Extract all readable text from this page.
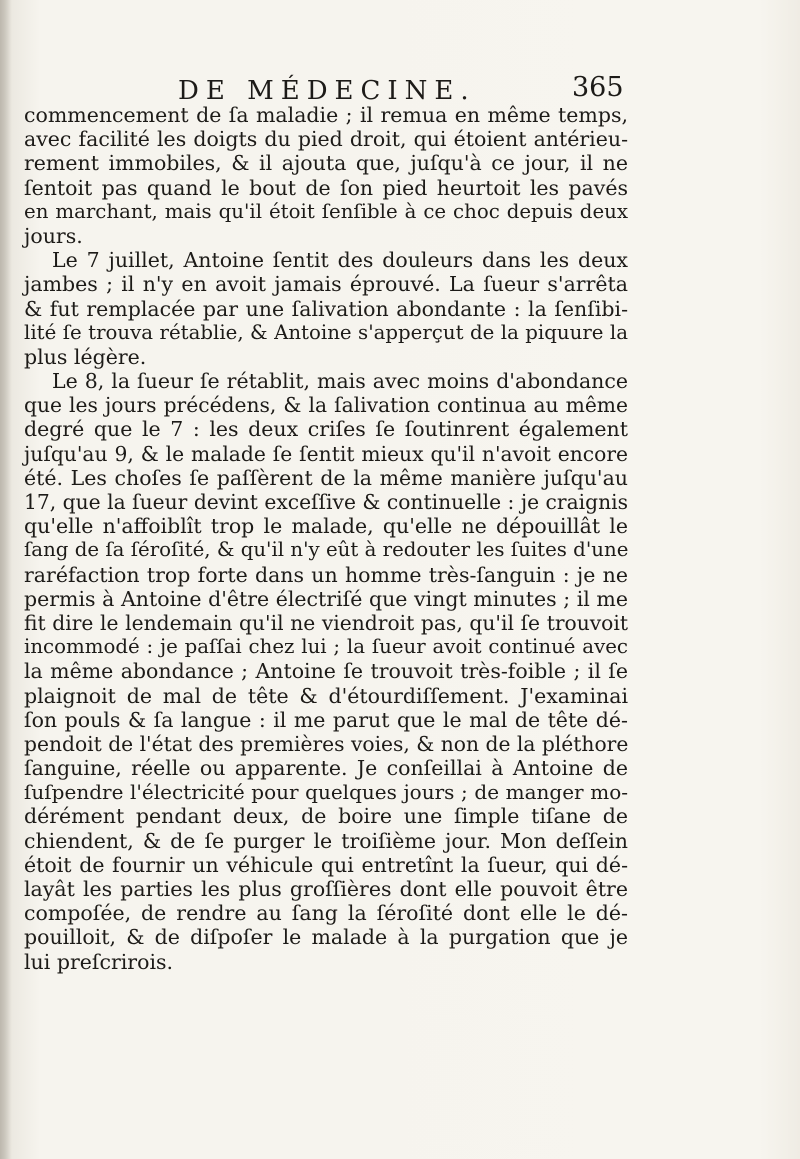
DE MÉDECINE.	365
commencement de ſa maladie ; il remua en même temps,
avec facilité les doigts du pied droit, qui étoient antérieu-
rement immobiles, & il ajouta que, juſqu'à ce jour, il ne
ſentoit pas quand le bout de ſon pied heurtoit les pavés
en marchant, mais qu'il étoit ſenſible à ce choc depuis deux
jours.
Le 7 juillet, Antoine ſentit des douleurs dans les deux
jambes ; il n'y en avoit jamais éprouvé. La ſueur s'arrêta
& fut remplacée par une ſalivation abondante : la ſenſibi-
lité ſe trouva rétablie, & Antoine s'apperçut de la piquure la
plus légère.
Le 8, la ſueur ſe rétablit, mais avec moins d'abondance
que les jours précédens, & la ſalivation continua au même
degré que le 7 : les deux criſes ſe ſoutinrent également
juſqu'au 9, & le malade ſe ſentit mieux qu'il n'avoit encore
été. Les choſes ſe paſſèrent de la même manière juſqu'au
17, que la ſueur devint exceſſive & continuelle : je craignis
qu'elle n'affoiblît trop le malade, qu'elle ne dépouillât le
ſang de ſa ſéroſité, & qu'il n'y eût à redouter les ſuites d'une
raréfaction trop forte dans un homme très-ſanguin : je ne
permis à Antoine d'être électriſé que vingt minutes ; il me
fit dire le lendemain qu'il ne viendroit pas, qu'il ſe trouvoit
incommodé : je paſſai chez lui ; la ſueur avoit continué avec
la même abondance ; Antoine ſe trouvoit très-foible ; il ſe
plaignoit de mal de tête & d'étourdiſſement. J'examinai
ſon pouls & ſa langue : il me parut que le mal de tête dé-
pendoit de l'état des premières voies, & non de la pléthore
ſanguine, réelle ou apparente. Je conſeillai à Antoine de
ſuſpendre l'électricité pour quelques jours ; de manger mo-
dérément pendant deux, de boire une ſimple tiſane de
chiendent, & de ſe purger le troiſième jour. Mon deſſein
étoit de fournir un véhicule qui entretînt la ſueur, qui dé-
layât les parties les plus groſſières dont elle pouvoit être
compoſée, de rendre au ſang la ſéroſité dont elle le dé-
pouilloit, & de diſpoſer le malade à la purgation que je
lui preſcrirois.
